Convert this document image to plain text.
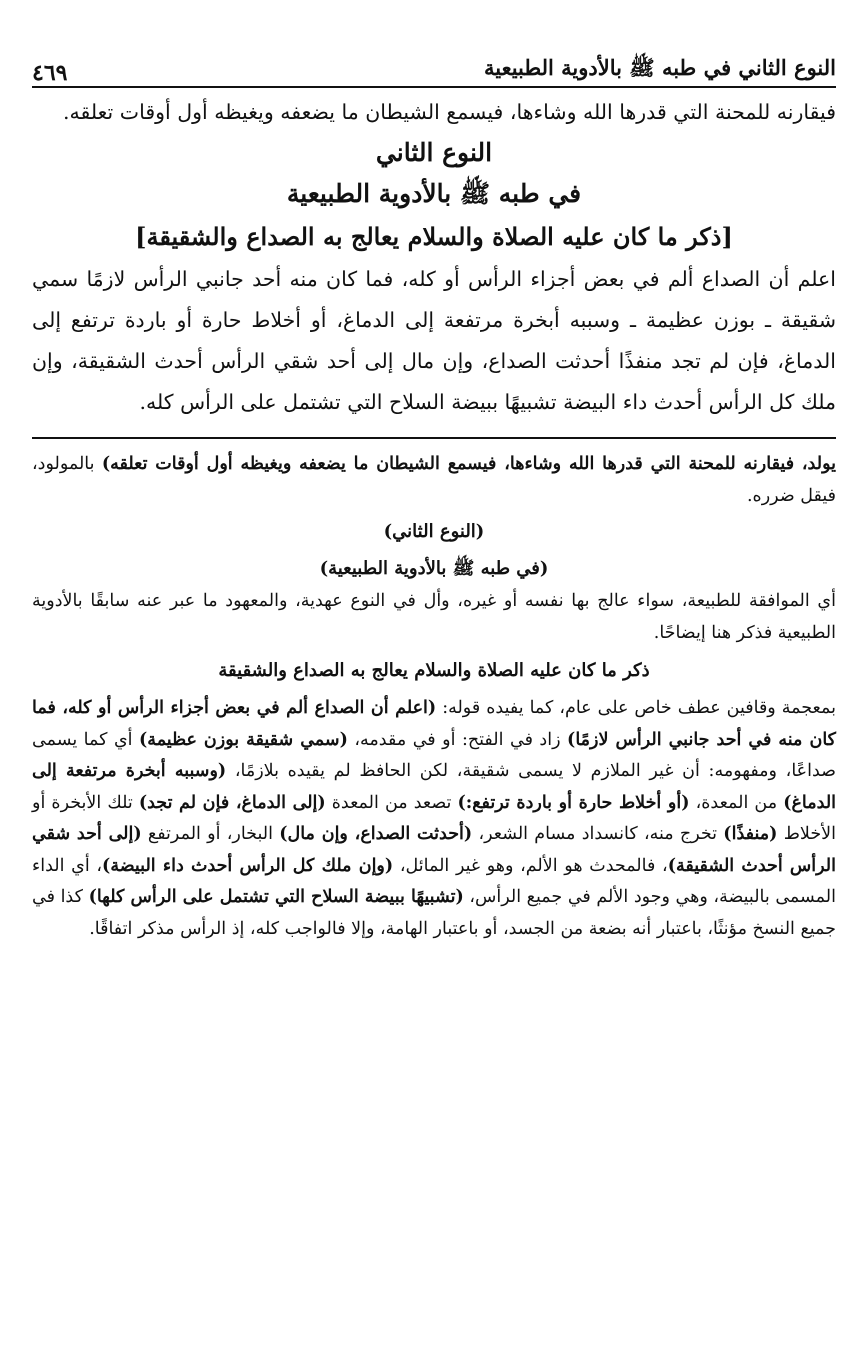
النوع الثاني في طبه ﷺ بالأدوية الطبيعية
٤٦٩

فيقارنه للمحنة التي قدرها الله وشاءها، فيسمع الشيطان ما يضعفه ويغيظه أول أوقات تعلقه.

النوع الثاني
في طبه ﷺ بالأدوية الطبيعية
[ذكر ما كان عليه الصلاة والسلام يعالج به الصداع والشقيقة]

اعلم أن الصداع ألم في بعض أجزاء الرأس أو كله، فما كان منه أحد جانبي الرأس لازمًا سمي شقيقة ـ بوزن عظيمة ـ وسببه أبخرة مرتفعة إلى الدماغ، أو أخلاط حارة أو باردة ترتفع إلى الدماغ، فإن لم تجد منفذًا أحدثت الصداع، وإن مال إلى أحد شقي الرأس أحدث الشقيقة، وإن ملك كل الرأس أحدث داء البيضة تشبيهًا ببيضة السلاح التي تشتمل على الرأس كله.

يولد، فيقارنه للمحنة التي قدرها الله وشاءها، فيسمع الشيطان ما يضعفه ويغيظه أول أوقات تعلقه) بالمولود، فيقل ضرره.

(النوع الثاني)
(في طبه ﷺ بالأدوية الطبيعية)

أي الموافقة للطبيعة، سواء عالج بها نفسه أو غيره، وأل في النوع عهدية، والمعهود ما عبر عنه سابقًا بالأدوية الطبيعية فذكر هنا إيضاحًا.

ذكر ما كان عليه الصلاة والسلام يعالج به الصداع والشقيقة

بمعجمة وقافين عطف خاص على عام، كما يفيده قوله: (اعلم أن الصداع ألم في بعض أجزاء الرأس أو كله، فما كان منه في أحد جانبي الرأس لازمًا) زاد في الفتح: أو في مقدمه، (سمي شقيقة بوزن عظيمة) أي كما يسمى صداعًا، ومفهومه: أن غير الملازم لا يسمى شقيقة، لكن الحافظ لم يقيده بلازمًا، (وسببه أبخرة مرتفعة إلى الدماغ) من المعدة، (أو أخلاط حارة أو باردة ترتفع:) تصعد من المعدة (إلى الدماغ، فإن لم تجد) تلك الأبخرة أو الأخلاط (منفذًا) تخرج منه، كانسداد مسام الشعر، (أحدثت الصداع، وإن مال) البخار، أو المرتفع (إلى أحد شقي الرأس أحدث الشقيقة)، فالمحدث هو الألم، وهو غير المائل، (وإن ملك كل الرأس أحدث داء البيضة)، أي الداء المسمى بالبيضة، وهي وجود الألم في جميع الرأس، (تشبيهًا ببيضة السلاح التي تشتمل على الرأس كلها) كذا في جميع النسخ مؤنثًا، باعتبار أنه بضعة من الجسد، أو باعتبار الهامة، وإلا فالواجب كله، إذ الرأس مذكر اتفاقًا.
